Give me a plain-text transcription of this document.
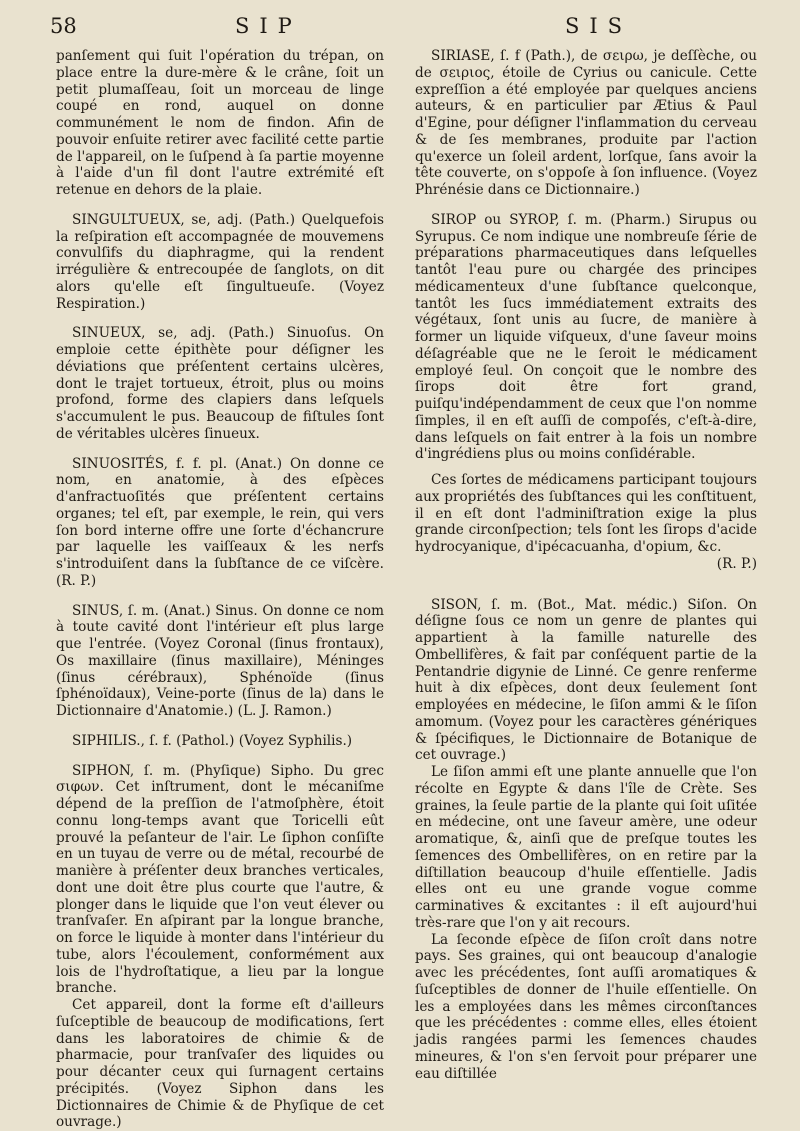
58	SIP	SIS

panſement qui ſuit l'opération du trépan, on place entre la dure-mère & le crâne, ſoit un petit plumaſſeau, ſoit un morceau de linge coupé en rond, auquel on donne communément le nom de findon. Afin de pouvoir enſuite retirer avec facilité cette partie de l'appareil, on le ſuſpend à ſa partie moyenne à l'aide d'un fil dont l'autre extrémité eſt retenue en dehors de la plaie.

SINGULTUEUX, se, adj. (Path.) Quelquefois la reſpiration eſt accompagnée de mouvemens convulſifs du diaphragme, qui la rendent irrégulière & entrecoupée de ſanglots, on dit alors qu'elle eſt ſingultueuſe. (Voyez Respiration.)

SINUEUX, se, adj. (Path.) Sinuoſus. On emploie cette épithète pour déſigner les déviations que préſentent certains ulcères, dont le trajet tortueux, étroit, plus ou moins profond, forme des clapiers dans leſquels s'accumulent le pus. Beaucoup de fiſtules ſont de véritables ulcères ſinueux.

SINUOSITÉS, f. f. pl. (Anat.) On donne ce nom, en anatomie, à des eſpèces d'anfractuoſités que préſentent certains organes; tel eſt, par exemple, le rein, qui vers ſon bord interne offre une ſorte d'échancrure par laquelle les vaiſſeaux & les nerfs s'introduiſent dans la ſubſtance de ce viſcère. (R. P.)

SINUS, ſ. m. (Anat.) Sinus. On donne ce nom à toute cavité dont l'intérieur eſt plus large que l'entrée. (Voyez Coronal (ſinus frontaux), Os maxillaire (ſinus maxillaire), Méninges (ſinus cérébraux), Sphénoïde (ſinus ſphénoïdaux), Veine-porte (ſinus de la) dans le Dictionnaire d'Anatomie.) (L. J. Ramon.)

SIPHILIS., ſ. f. (Pathol.) (Voyez Syphilis.)

SIPHON, ſ. m. (Phyſique) Sipho. Du grec σιφων. Cet inſtrument, dont le mécaniſme dépend de la preſſion de l'atmoſphère, étoit connu long-temps avant que Toricelli eût prouvé la peſanteur de l'air. Le ſiphon conſiſte en un tuyau de verre ou de métal, recourbé de manière à préſenter deux branches verticales, dont une doit être plus courte que l'autre, & plonger dans le liquide que l'on veut élever ou tranſvaſer. En aſpirant par la longue branche, on force le liquide à monter dans l'intérieur du tube, alors l'écoulement, conformément aux lois de l'hydroſtatique, a lieu par la longue branche.

Cet appareil, dont la forme eſt d'ailleurs ſuſceptible de beaucoup de modifications, ſert dans les laboratoires de chimie & de pharmacie, pour tranſvaſer des liquides ou pour décanter ceux qui ſurnagent certains précipités. (Voyez Siphon dans les Dictionnaires de Chimie & de Phyſique de cet ouvrage.)

SIRIASE, ſ. f (Path.), de σειρω, je deſſèche, ou de σειριος, étoile de Cyrius ou canicule. Cette expreſſion a été employée par quelques anciens auteurs, & en particulier par Ætius & Paul d'Egine, pour déſigner l'inflammation du cerveau & de ſes membranes, produite par l'action qu'exerce un ſoleil ardent, lorſque, ſans avoir la tête couverte, on s'oppoſe à ſon influence. (Voyez Phrénésie dans ce Dictionnaire.)

SIROP ou SYROP, ſ. m. (Pharm.) Sirupus ou Syrupus. Ce nom indique une nombreuſe ſérie de préparations pharmaceutiques dans leſquelles tantôt l'eau pure ou chargée des principes médicamenteux d'une ſubſtance quelconque, tantôt les ſucs immédiatement extraits des végétaux, ſont unis au ſucre, de manière à former un liquide viſqueux, d'une ſaveur moins déſagréable que ne le ſeroit le médicament employé ſeul. On conçoit que le nombre des ſirops doit être fort grand, puiſqu'indépendamment de ceux que l'on nomme ſimples, il en eſt auſſi de compoſés, c'eſt-à-dire, dans leſquels on fait entrer à la fois un nombre d'ingrédiens plus ou moins conſidérable.

Ces ſortes de médicamens participant toujours aux propriétés des ſubſtances qui les conſtituent, il en eſt dont l'adminiſtration exige la plus grande circonſpection; tels ſont les ſirops d'acide hydrocyanique, d'ipécacuanha, d'opium, &c.

(R. P.)

SISON, ſ. m. (Bot., Mat. médic.) Siſon. On déſigne ſous ce nom un genre de plantes qui appartient à la famille naturelle des Ombellifères, & fait par conſéquent partie de la Pentandrie digynie de Linné. Ce genre renferme huit à dix eſpèces, dont deux ſeulement ſont employées en médecine, le ſiſon ammi & le ſiſon amomum. (Voyez pour les caractères génériques & ſpécifiques, le Dictionnaire de Botanique de cet ouvrage.)

Le ſiſon ammi eſt une plante annuelle que l'on récolte en Egypte & dans l'île de Crète. Ses graines, la ſeule partie de la plante qui ſoit uſitée en médecine, ont une ſaveur amère, une odeur aromatique, &, ainſi que de preſque toutes les ſemences des Ombellifères, on en retire par la diſtillation beaucoup d'huile eſſentielle. Jadis elles ont eu une grande vogue comme carminatives & excitantes : il eſt aujourd'hui très-rare que l'on y ait recours.

La ſeconde eſpèce de ſiſon croît dans notre pays. Ses graines, qui ont beaucoup d'analogie avec les précédentes, ſont auſſi aromatiques & ſuſceptibles de donner de l'huile eſſentielle. On les a employées dans les mêmes circonſtances que les précédentes : comme elles, elles étoient jadis rangées parmi les ſemences chaudes mineures, & l'on s'en ſervoit pour préparer une eau diſtillée
